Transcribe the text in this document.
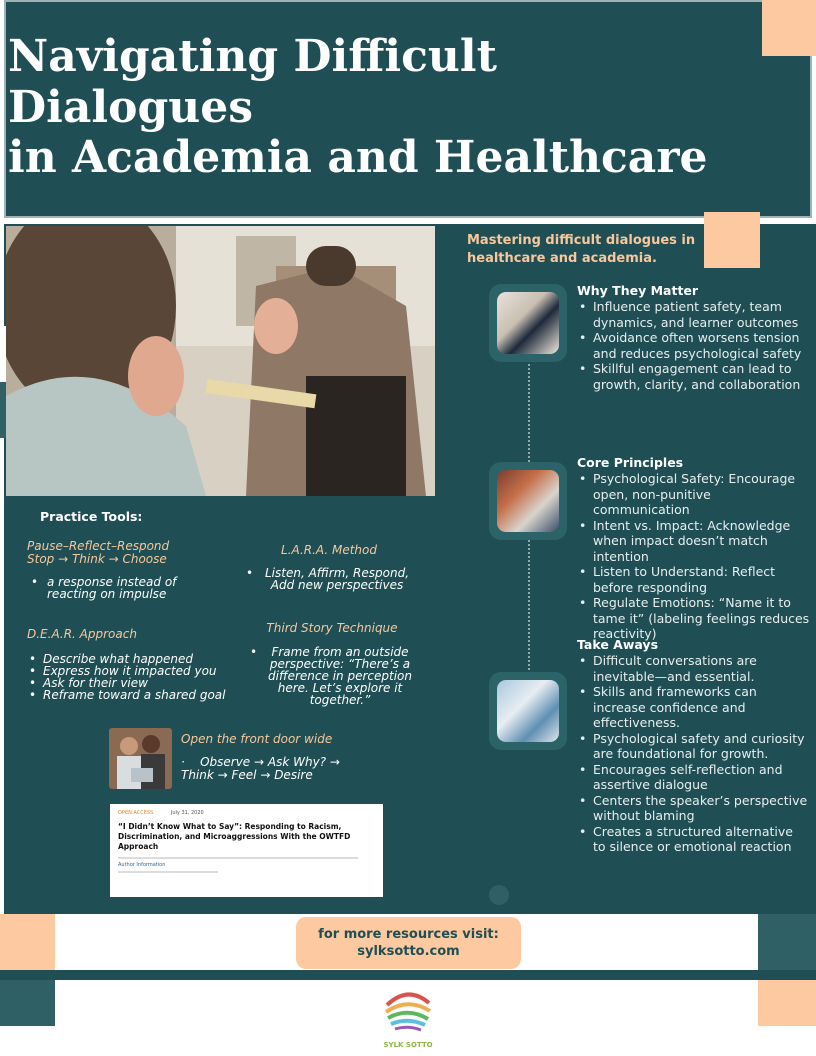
Navigating Difficult
Dialogues
in Academia and Healthcare
Mastering difficult dialogues in
healthcare and academia.
Why They Matter
• Influence patient safety, team dynamics, and learner outcomes
• Avoidance often worsens tension and reduces psychological safety
• Skillful engagement can lead to growth, clarity, and collaboration
Core Principles
• Psychological Safety: Encourage open, non-punitive communication
• Intent vs. Impact: Acknowledge when impact doesn’t match intention
• Listen to Understand: Reflect before responding
• Regulate Emotions: “Name it to tame it” (labeling feelings reduces reactivity)
Take Aways
• Difficult conversations are inevitable—and essential.
• Skills and frameworks can increase confidence and effectiveness.
• Psychological safety and curiosity are foundational for growth.
• Encourages self-reflection and assertive dialogue
• Centers the speaker’s perspective without blaming
• Creates a structured alternative to silence or emotional reaction
Practice Tools:
Pause–Reflect–Respond
Stop → Think → Choose
• a response instead of reacting on impulse
L.A.R.A. Method
• Listen, Affirm, Respond, Add new perspectives
D.E.A.R. Approach
• Describe what happened
• Express how it impacted you
• Ask for their view
• Reframe toward a shared goal
Third Story Technique
• Frame from an outside perspective: “There’s a difference in perception here. Let’s explore it together.”
Open the front door wide
·    Observe → Ask Why? → Think → Feel → Desire
OPEN ACCESS	July 31, 2020
“I Didn’t Know What to Say”: Responding to Racism, Discrimination, and Microaggressions With the OWTFD Approach
Author Information
for more resources visit:
sylksotto.com
SYLK SOTTO
